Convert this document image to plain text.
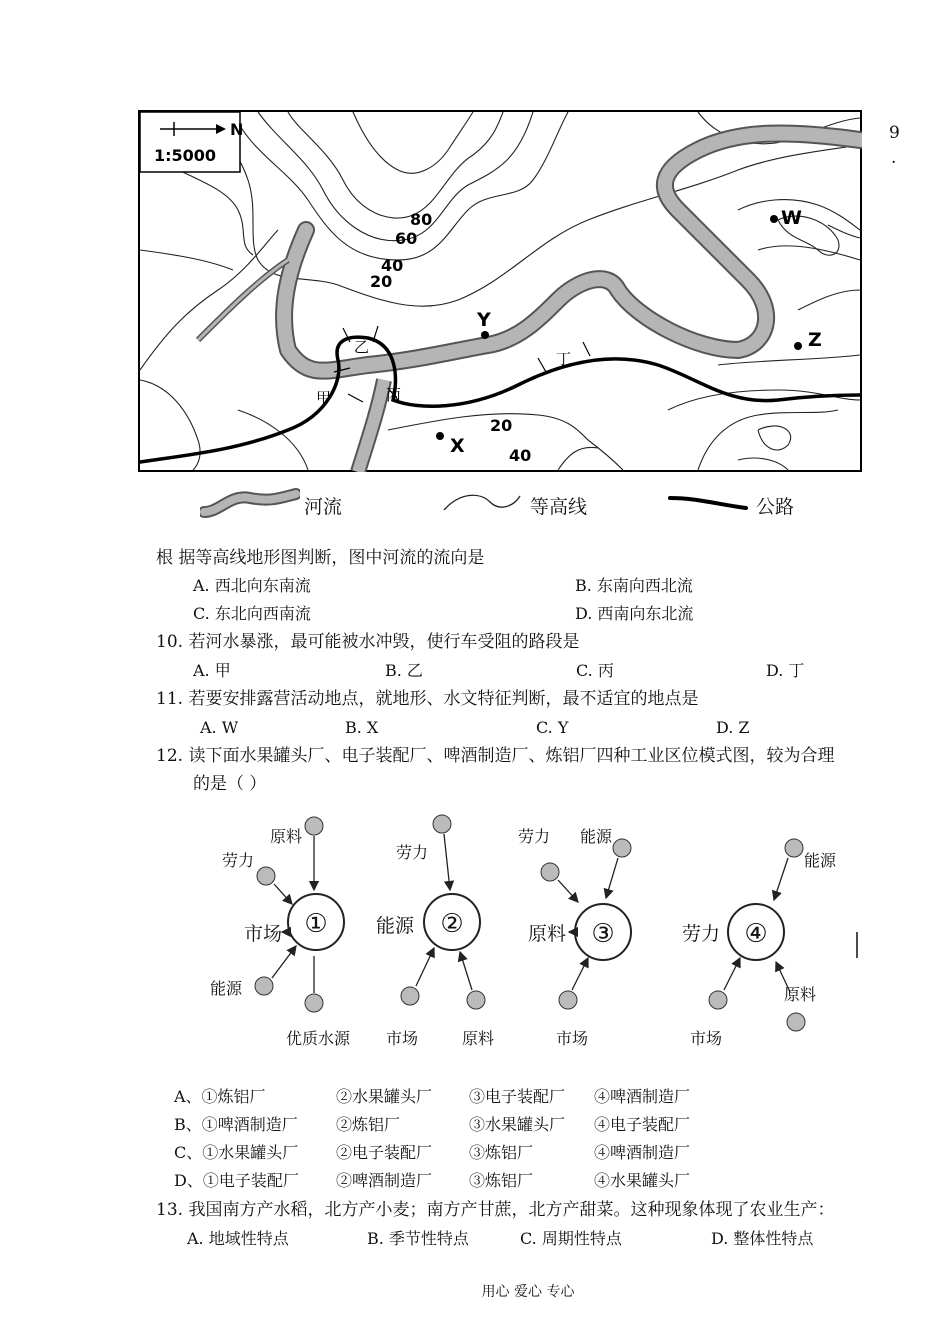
N
1:5000
80
60
40
20
20
40
W
Y
Z
X
乙
甲	丙
丁
9
.
河流	等高线	公路
根 据等高线地形图判断，图中河流的流向是
A. 西北向东南流	B. 东南向西北流
C. 东北向西南流	D. 西南向东北流
10. 若河水暴涨，最可能被水冲毁，使行车受阻的路段是
A. 甲	B. 乙	C. 丙	D. 丁
11. 若要安排露营活动地点，就地形、水文特征判断，最不适宜的地点是
A. W	B. X	C. Y	D. Z
12. 读下面水果罐头厂、电子装配厂、啤酒制造厂、炼铝厂四种工业区位模式图，较为合理
的是（ ）
①
原料
劳力
市场
能源
优质水源
②
劳力
能源
市场	原料
③
劳力 能源
原料
市场
④
能源
劳力
原料
市场
A、①炼铝厂	②水果罐头厂 ③电子装配厂 ④啤酒制造厂
B、①啤酒制造厂 ②炼铝厂	③水果罐头厂 ④电子装配厂
C、①水果罐头厂 ②电子装配厂 ③炼铝厂	④啤酒制造厂
D、①电子装配厂 ②啤酒制造厂 ③炼铝厂	④水果罐头厂
13. 我国南方产水稻，北方产小麦；南方产甘蔗，北方产甜菜。这种现象体现了农业生产：
A. 地域性特点	B. 季节性特点	C. 周期性特点	D. 整体性特点
用心 爱心 专心
